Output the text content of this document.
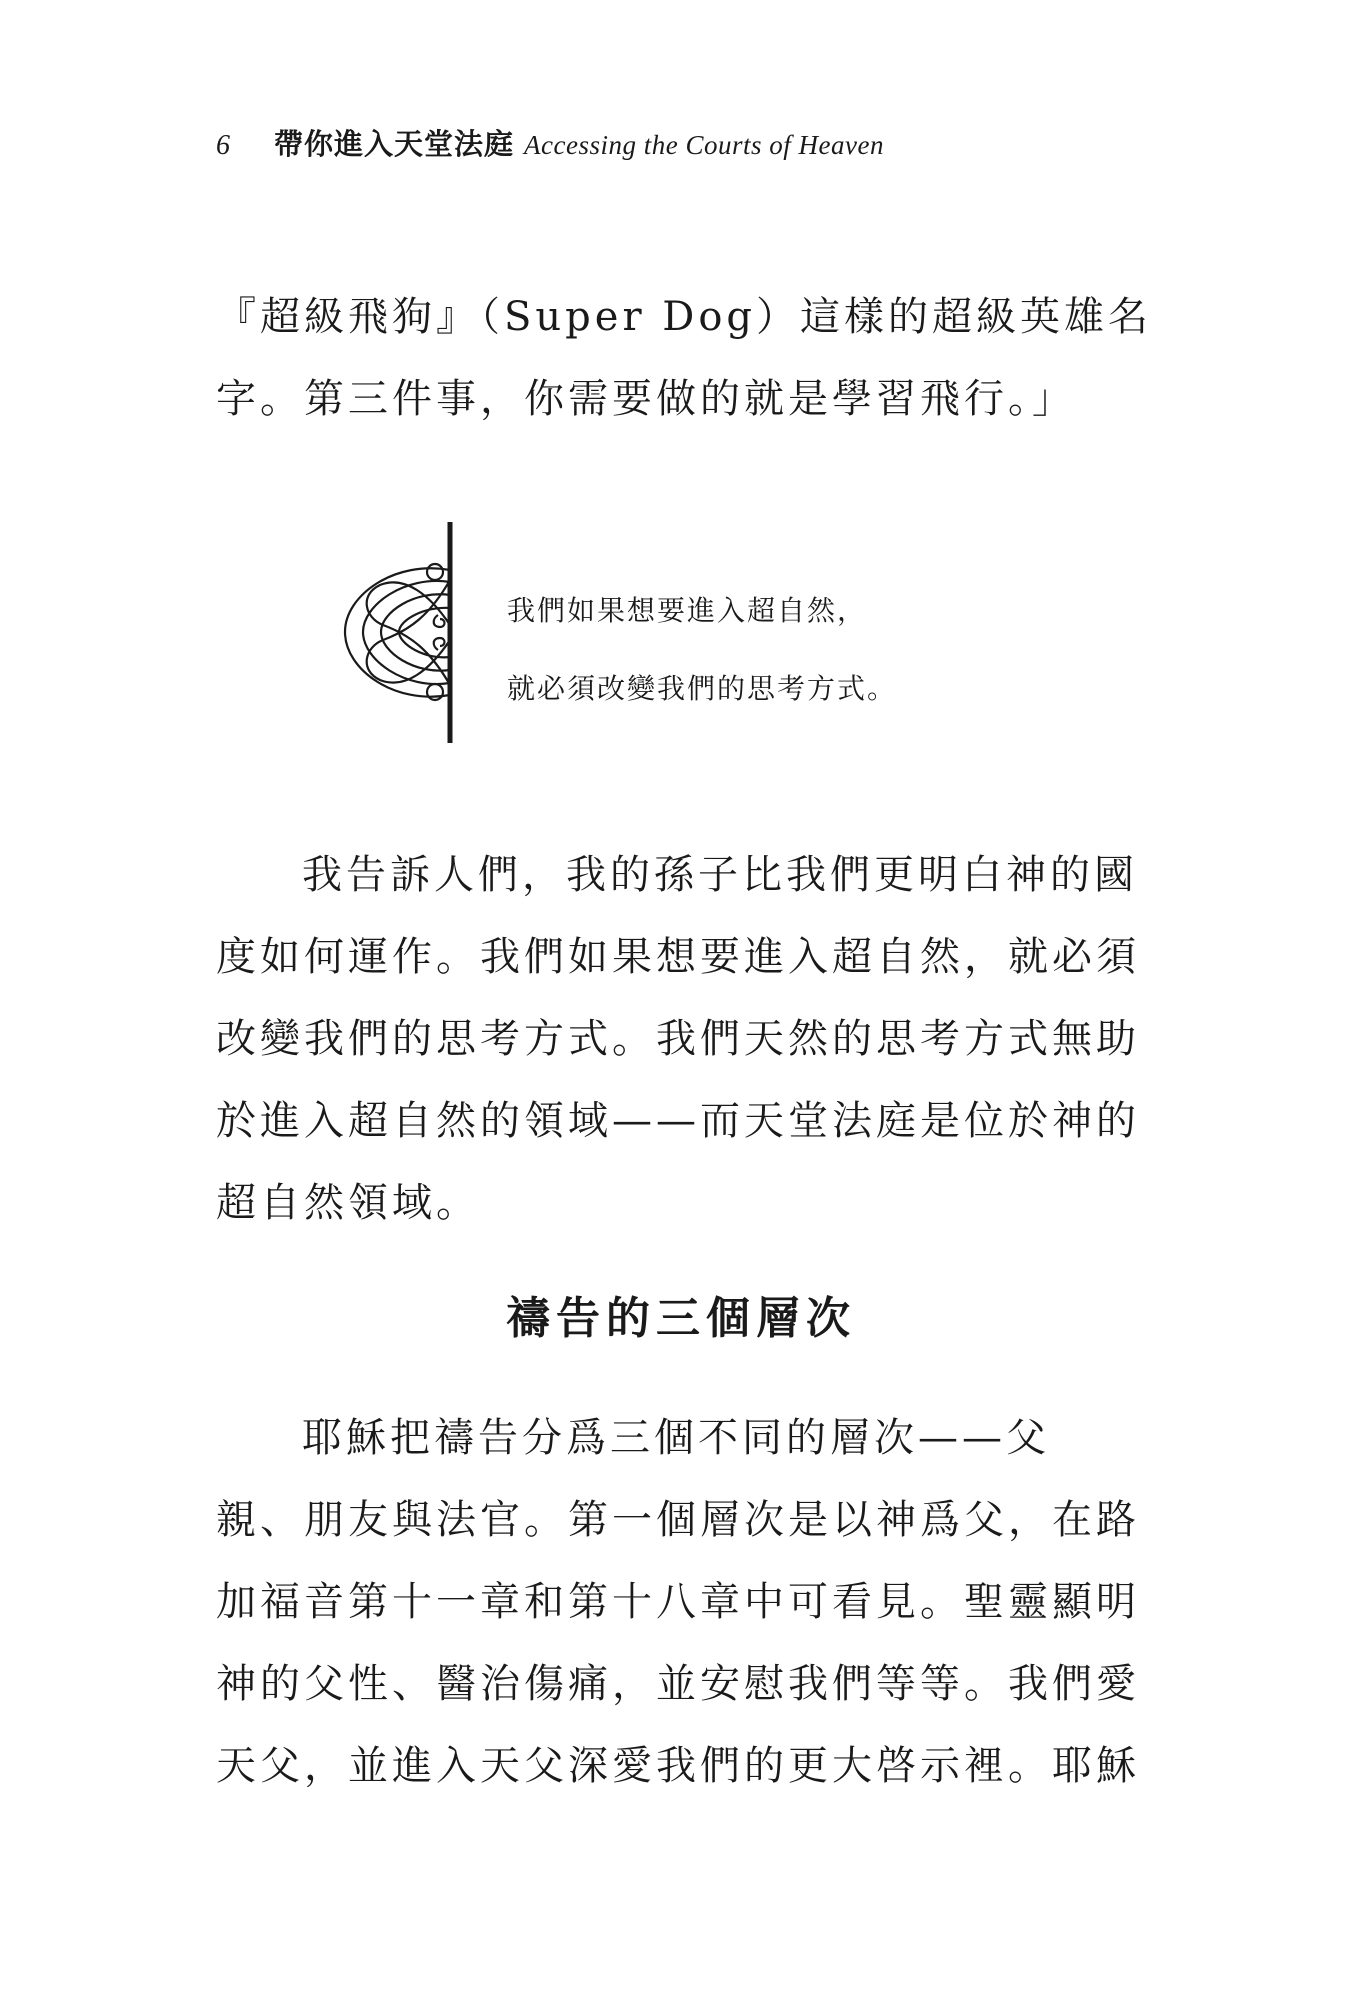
6	帶你進入天堂法庭 Accessing the Courts of Heaven
『超級飛狗』（Super Dog）這樣的超級英雄名
字。第三件事，你需要做的就是學習飛行。」
我們如果想要進入超自然，
就必須改變我們的思考方式。
我告訴人們，我的孫子比我們更明白神的國
度如何運作。我們如果想要進入超自然，就必須
改變我們的思考方式。我們天然的思考方式無助
於進入超自然的領域——而天堂法庭是位於神的
超自然領域。
禱告的三個層次
耶穌把禱告分爲三個不同的層次——父
親、朋友與法官。第一個層次是以神爲父，在路
加福音第十一章和第十八章中可看見。聖靈顯明
神的父性、醫治傷痛，並安慰我們等等。我們愛
天父，並進入天父深愛我們的更大啓示裡。耶穌
